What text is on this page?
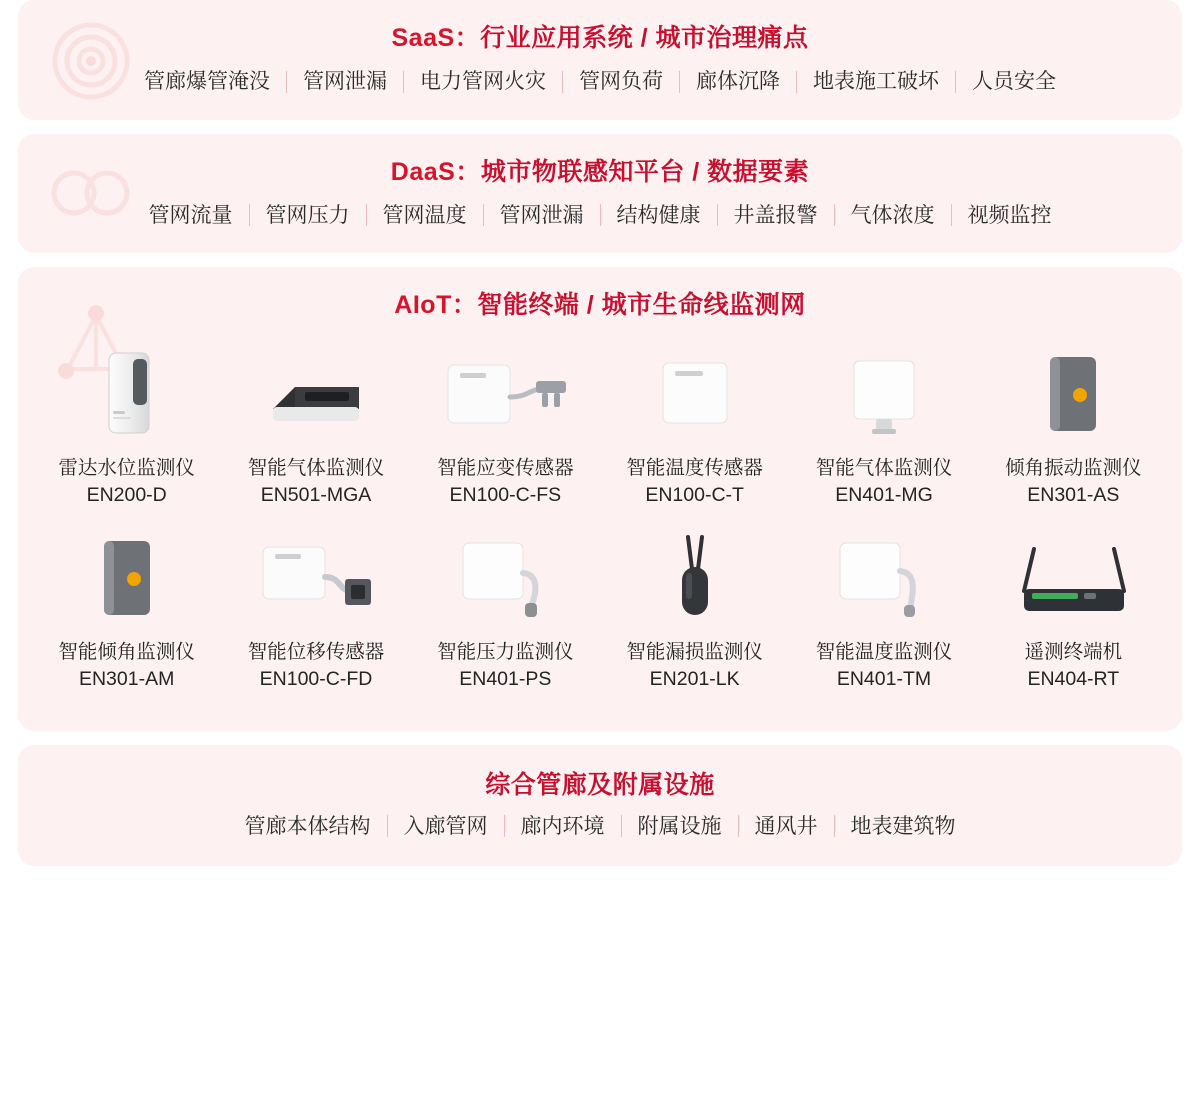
SaaS：行业应用系统 / 城市治理痛点
管廊爆管淹没	管网泄漏	电力管网火灾	管网负荷	廊体沉降	地表施工破坏	人员安全
DaaS：城市物联感知平台 / 数据要素
管网流量	管网压力	管网温度	管网泄漏	结构健康	井盖报警	气体浓度	视频监控
AIoT：智能终端 / 城市生命线监测网
雷达水位监测仪
EN200-D
智能气体监测仪
EN501-MGA
智能应变传感器
EN100-C-FS
智能温度传感器
EN100-C-T
智能气体监测仪
EN401-MG
倾角振动监测仪
EN301-AS
智能倾角监测仪
EN301-AM
智能位移传感器
EN100-C-FD
智能压力监测仪
EN401-PS
智能漏损监测仪
EN201-LK
智能温度监测仪
EN401-TM
遥测终端机
EN404-RT
综合管廊及附属设施
管廊本体结构	入廊管网	廊内环境	附属设施	通风井	地表建筑物
